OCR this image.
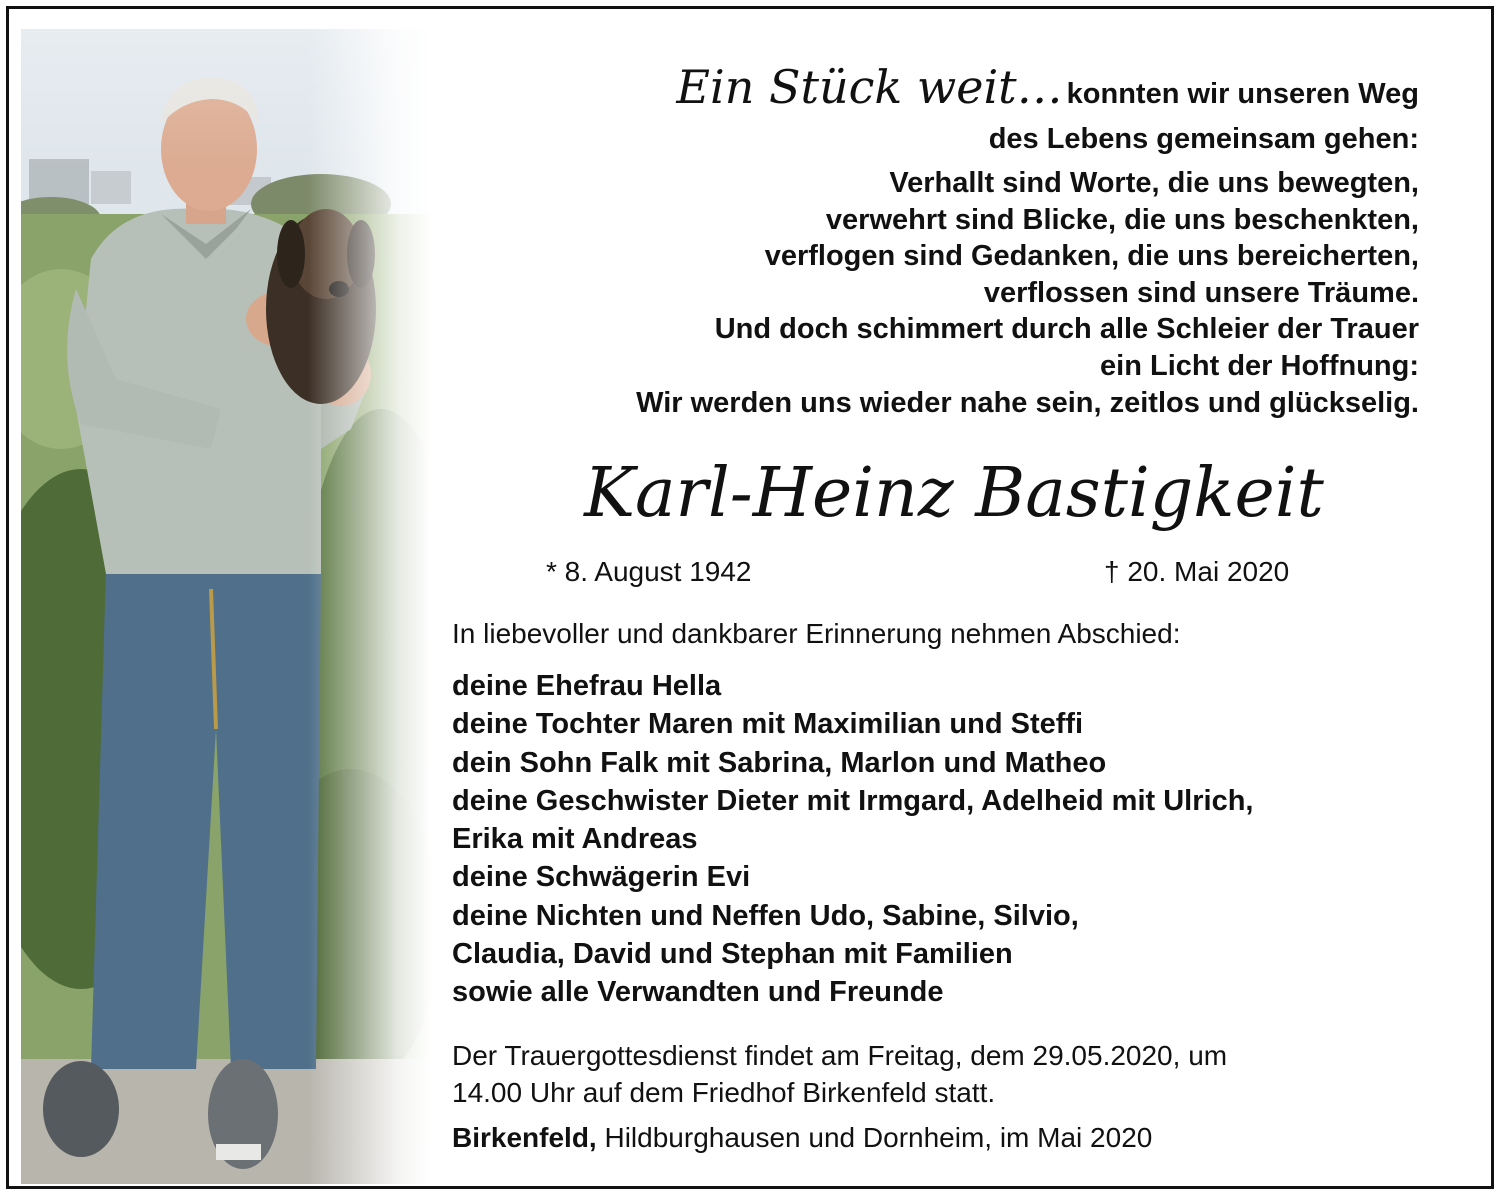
Ein Stück weit… konnten wir unseren Weg
des Lebens gemeinsam gehen:
Verhallt sind Worte, die uns bewegten,
verwehrt sind Blicke, die uns beschenkten,
verflogen sind Gedanken, die uns bereicherten,
verflossen sind unsere Träume.
Und doch schimmert durch alle Schleier der Trauer
ein Licht der Hoffnung:
Wir werden uns wieder nahe sein, zeitlos und glückselig.
Karl-Heinz Bastigkeit
* 8. August 1942	† 20. Mai 2020
In liebevoller und dankbarer Erinnerung nehmen Abschied:
deine Ehefrau Hella
deine Tochter Maren mit Maximilian und Steffi
dein Sohn Falk mit Sabrina, Marlon und Matheo
deine Geschwister Dieter mit Irmgard, Adelheid mit Ulrich,
Erika mit Andreas
deine Schwägerin Evi
deine Nichten und Neffen Udo, Sabine, Silvio,
Claudia, David und Stephan mit Familien
sowie alle Verwandten und Freunde
Der Trauergottesdienst findet am Freitag, dem 29.05.2020, um
14.00 Uhr auf dem Friedhof Birkenfeld statt.
Birkenfeld, Hildburghausen und Dornheim, im Mai 2020
